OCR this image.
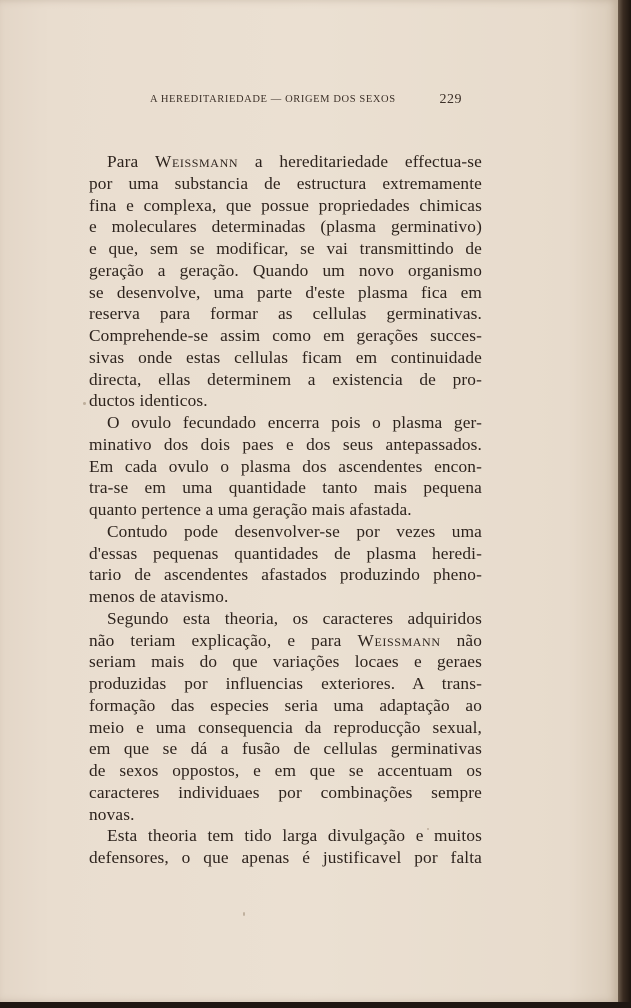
A HEREDITARIEDADE — ORIGEM DOS SEXOS	229
Para Weissmann a hereditariedade effectua-se
por uma substancia de estructura extremamente
fina e complexa, que possue propriedades chimicas
e moleculares determinadas (plasma germinativo)
e que, sem se modificar, se vai transmittindo de
geração a geração. Quando um novo organismo
se desenvolve, uma parte d'este plasma fica em
reserva para formar as cellulas germinativas.
Comprehende-se assim como em gerações succes-
sivas onde estas cellulas ficam em continuidade
directa, ellas determinem a existencia de pro-
ductos identicos.
O ovulo fecundado encerra pois o plasma ger-
minativo dos dois paes e dos seus antepassados.
Em cada ovulo o plasma dos ascendentes encon-
tra-se em uma quantidade tanto mais pequena
quanto pertence a uma geração mais afastada.
Contudo pode desenvolver-se por vezes uma
d'essas pequenas quantidades de plasma heredi-
tario de ascendentes afastados produzindo pheno-
menos de atavismo.
Segundo esta theoria, os caracteres adquiridos
não teriam explicação, e para Weissmann não
seriam mais do que variações locaes e geraes
produzidas por influencias exteriores. A trans-
formação das especies seria uma adaptação ao
meio e uma consequencia da reproducção sexual,
em que se dá a fusão de cellulas germinativas
de sexos oppostos, e em que se accentuam os
caracteres individuaes por combinações sempre
novas.
Esta theoria tem tido larga divulgação e muitos
defensores, o que apenas é justificavel por falta
